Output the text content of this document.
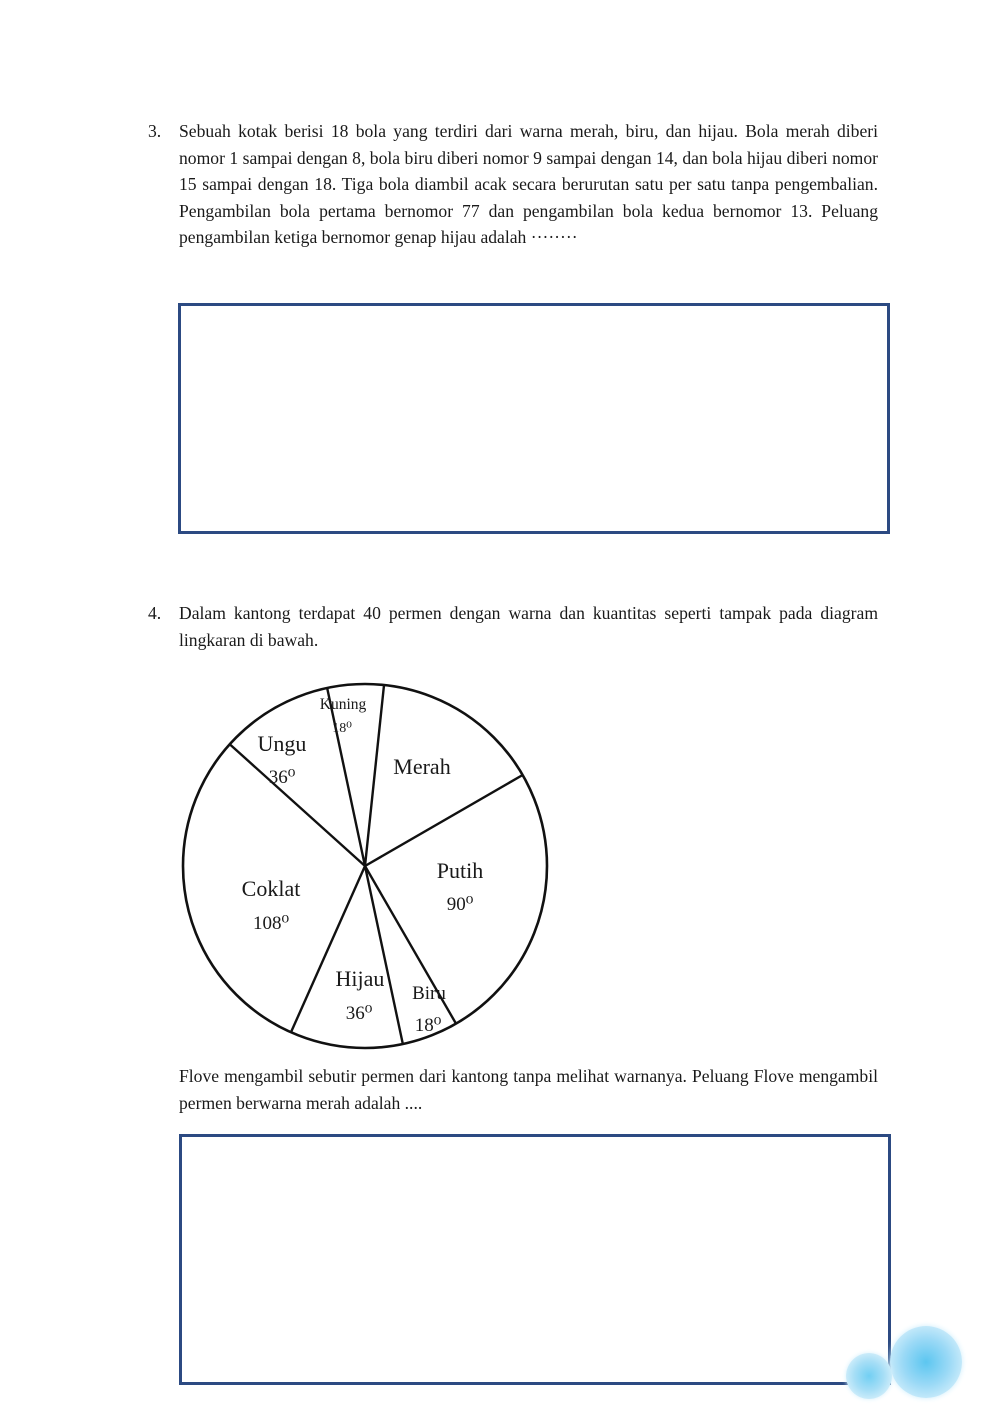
3. Sebuah kotak berisi 18 bola yang terdiri dari warna merah, biru, dan hijau. Bola merah diberi nomor 1 sampai dengan 8, bola biru diberi nomor 9 sampai dengan 14, dan bola hijau diberi nomor 15 sampai dengan 18. Tiga bola diambil acak secara berurutan satu per satu tanpa pengembalian. Pengambilan bola pertama bernomor 77 dan pengambilan bola kedua bernomor 13. Peluang pengambilan ketiga bernomor genap hijau adalah ········
4. Dalam kantong terdapat 40 permen dengan warna dan kuantitas seperti tampak pada diagram lingkaran di bawah.
Kuning
18⁰
Merah
Putih
90⁰
Biru
18⁰
Hijau
36⁰
Coklat
108⁰
Ungu
36⁰
Flove mengambil sebutir permen dari kantong tanpa melihat warnanya. Peluang Flove mengambil permen berwarna merah adalah ....
